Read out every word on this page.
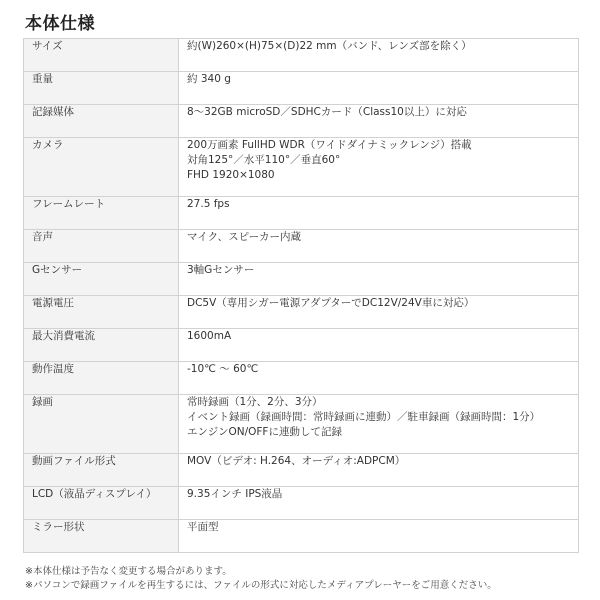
本体仕様
サイズ	約(W)260×(H)75×(D)22 mm（バンド、レンズ部を除く）
重量	約 340 g
記録媒体	8～32GB microSD／SDHCカード（Class10以上）に対応
カメラ	200万画素 FullHD WDR（ワイドダイナミックレンジ）搭載
対角125°／水平110°／垂直60°
FHD 1920×1080

フレームレート	27.5 fps
音声	マイク、スピーカー内蔵
Gセンサー	3軸Gセンサー
電源電圧	DC5V（専用シガー電源アダプターでDC12V/24V車に対応）
最大消費電流	1600mA
動作温度	-10℃ ～ 60℃
録画	常時録画（1分、2分、3分）
イベント録画（録画時間：常時録画に連動）／駐車録画（録画時間：1分）
エンジンON/OFFに連動して記録

動画ファイル形式	MOV（ビデオ: H.264、オーディオ:ADPCM）
LCD（液晶ディスプレイ）	9.35インチ IPS液晶
ミラー形状	平面型
※本体仕様は予告なく変更する場合があります。
※パソコンで録画ファイルを再生するには、ファイルの形式に対応したメディアプレーヤーをご用意ください。
